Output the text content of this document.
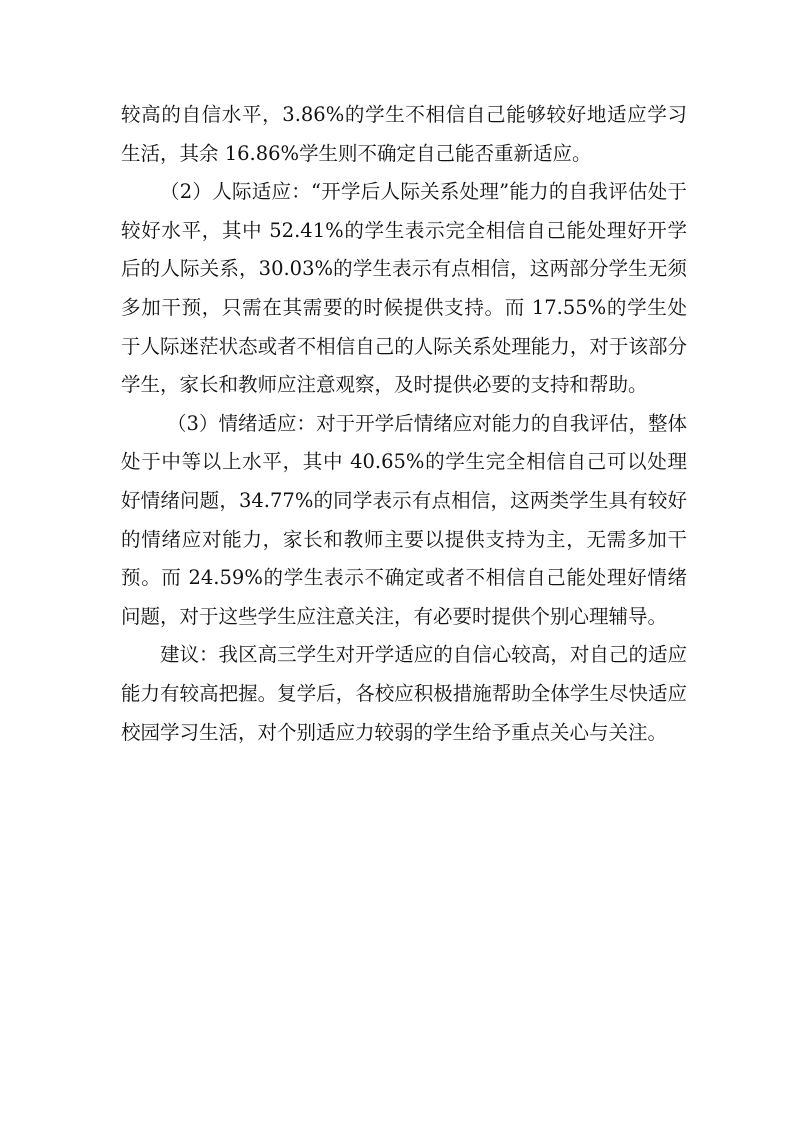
较高的自信水平，3.86%的学生不相信自己能够较好地适应学习生活，其余 16.86%学生则不确定自己能否重新适应。

（2）人际适应：“开学后人际关系处理”能力的自我评估处于较好水平，其中 52.41%的学生表示完全相信自己能处理好开学后的人际关系，30.03%的学生表示有点相信，这两部分学生无须多加干预，只需在其需要的时候提供支持。而 17.55%的学生处于人际迷茫状态或者不相信自己的人际关系处理能力，对于该部分学生，家长和教师应注意观察，及时提供必要的支持和帮助。

（3）情绪适应：对于开学后情绪应对能力的自我评估，整体处于中等以上水平，其中 40.65%的学生完全相信自己可以处理好情绪问题，34.77%的同学表示有点相信，这两类学生具有较好的情绪应对能力，家长和教师主要以提供支持为主，无需多加干预。而 24.59%的学生表示不确定或者不相信自己能处理好情绪问题，对于这些学生应注意关注，有必要时提供个别心理辅导。

建议：我区高三学生对开学适应的自信心较高，对自己的适应能力有较高把握。复学后，各校应积极措施帮助全体学生尽快适应校园学习生活，对个别适应力较弱的学生给予重点关心与关注。
